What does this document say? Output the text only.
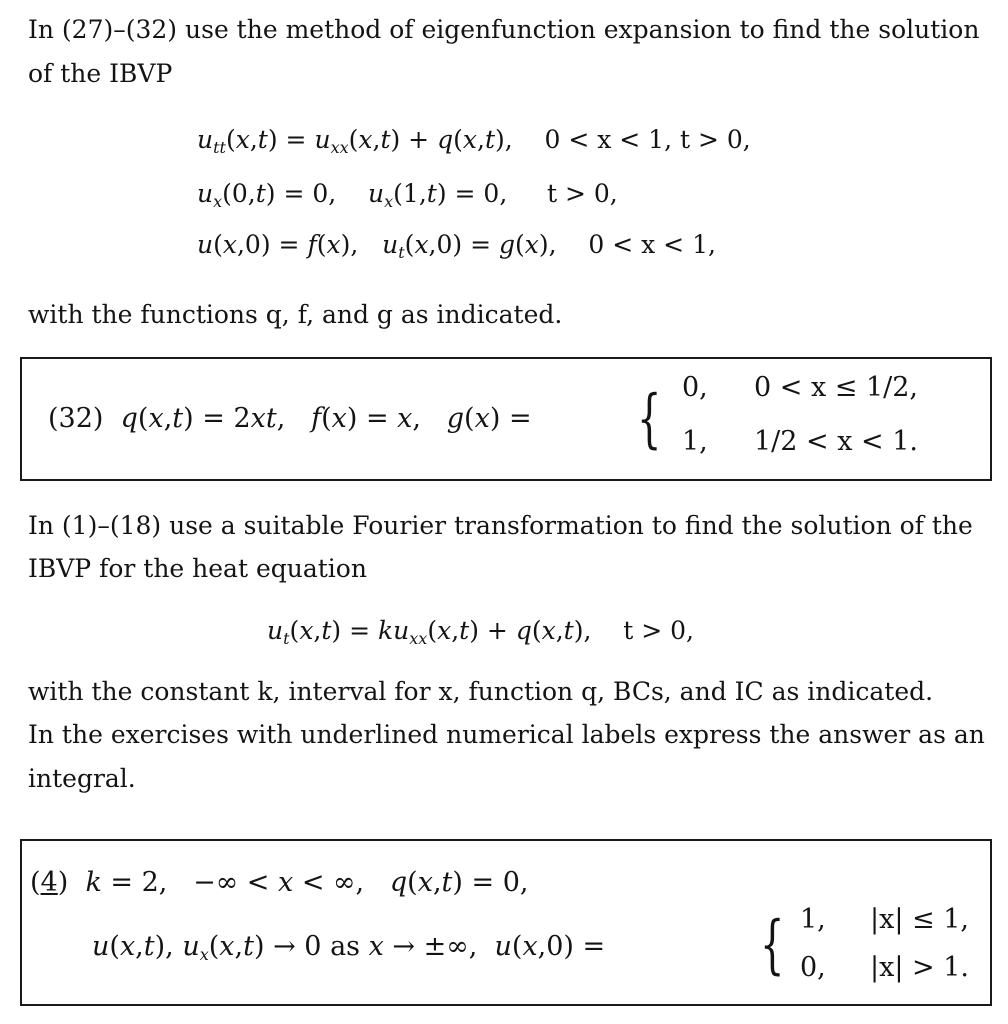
In (27)–(32) use the method of eigenfunction expansion to find the solution
of the IBVP
$u_{tt}(x,t) = u_{xx}(x,t) + q(x,t)$,    0 < x < 1, t > 0,
$u_x(0,t) = 0$,    $u_x(1,t) = 0$,     t > 0,
u(x,0) = f(x),   $u_t(x,0) = g(x)$,    0 < x < 1,
with the functions q, f, and g as indicated.
(32) q(x,t) = 2xt,   f(x) = x,   g(x) = { 0, 0 < x ≤ 1/2,
1, 1/2 < x < 1.
In (1)–(18) use a suitable Fourier transformation to find the solution of the
IBVP for the heat equation
$u_t(x,t) = ku_{xx}(x,t) + q(x,t)$,    t > 0,
with the constant k, interval for x, function q, BCs, and IC as indicated.
In the exercises with underlined numerical labels express the answer as an
integral.
(4)  k = 2,   −∞ < x < ∞,   q(x,t) = 0,
u(x,t), $u_x(x,t) \to 0$ as x → ±∞,  u(x,0) = { 1, |x| ≤ 1,
0, |x| > 1.
